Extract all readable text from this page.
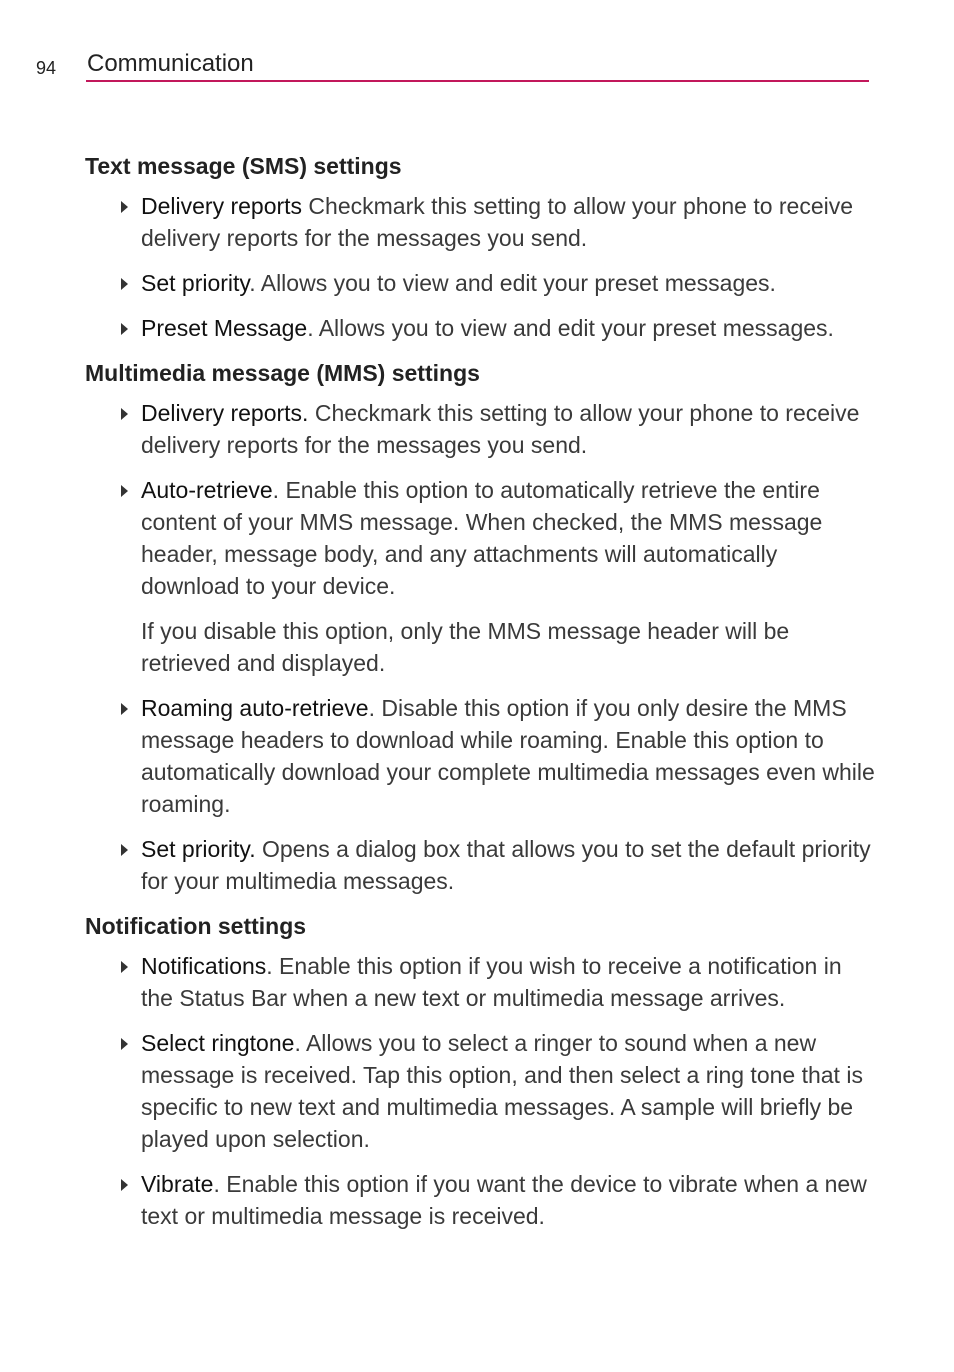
94 Communication
Text message (SMS) settings
Delivery reports Checkmark this setting to allow your phone to receive delivery reports for the messages you send.
Set priority. Allows you to view and edit your preset messages.
Preset Message. Allows you to view and edit your preset messages.
Multimedia message (MMS) settings
Delivery reports. Checkmark this setting to allow your phone to receive delivery reports for the messages you send.
Auto-retrieve. Enable this option to automatically retrieve the entire content of your MMS message. When checked, the MMS message header, message body, and any attachments will automatically download to your device.
If you disable this option, only the MMS message header will be retrieved and displayed.
Roaming auto-retrieve. Disable this option if you only desire the MMS message headers to download while roaming. Enable this option to automatically download your complete multimedia messages even while roaming.
Set priority. Opens a dialog box that allows you to set the default priority for your multimedia messages.
Notification settings
Notifications. Enable this option if you wish to receive a notification in the Status Bar when a new text or multimedia message arrives.
Select ringtone. Allows you to select a ringer to sound when a new message is received. Tap this option, and then select a ring tone that is specific to new text and multimedia messages. A sample will briefly be played upon selection.
Vibrate. Enable this option if you want the device to vibrate when a new text or multimedia message is received.
